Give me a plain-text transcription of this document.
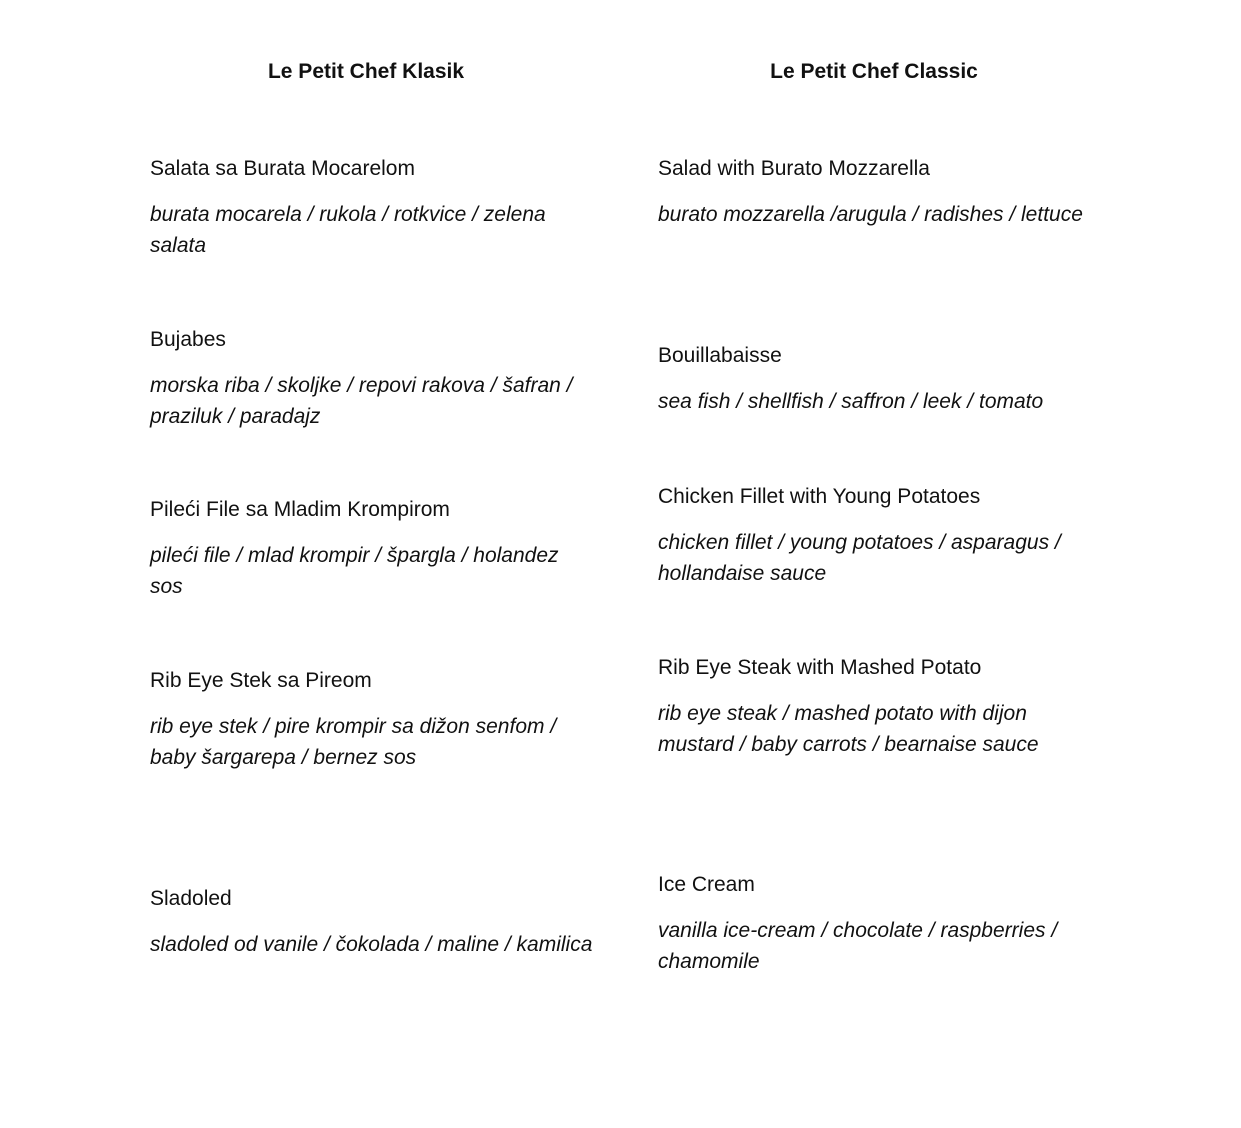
Le Petit Chef Klasik

Salata sa Burata Mocarelom

burata mocarela / rukola / rotkvice / zelena salata

Bujabes

morska riba / skoljke / repovi rakova / šafran / praziluk / paradajz

Pileći File sa Mladim Krompirom

pileći file / mlad krompir / špargla / holandez sos

Rib Eye Stek sa Pireom

rib eye stek / pire krompir sa dižon senfom / baby šargarepa / bernez sos

Sladoled

sladoled od vanile / čokolada / maline / kamilica

Le Petit Chef Classic

Salad with Burato Mozzarella

burato mozzarella /arugula / radishes / lettuce

Bouillabaisse

sea fish / shellfish / saffron / leek / tomato

Chicken Fillet with Young Potatoes

chicken fillet / young potatoes / asparagus / hollandaise sauce

Rib Eye Steak with Mashed Potato

rib eye steak / mashed potato with dijon mustard / baby carrots / bearnaise sauce

Ice Cream

vanilla ice-cream / chocolate / raspberries / chamomile
